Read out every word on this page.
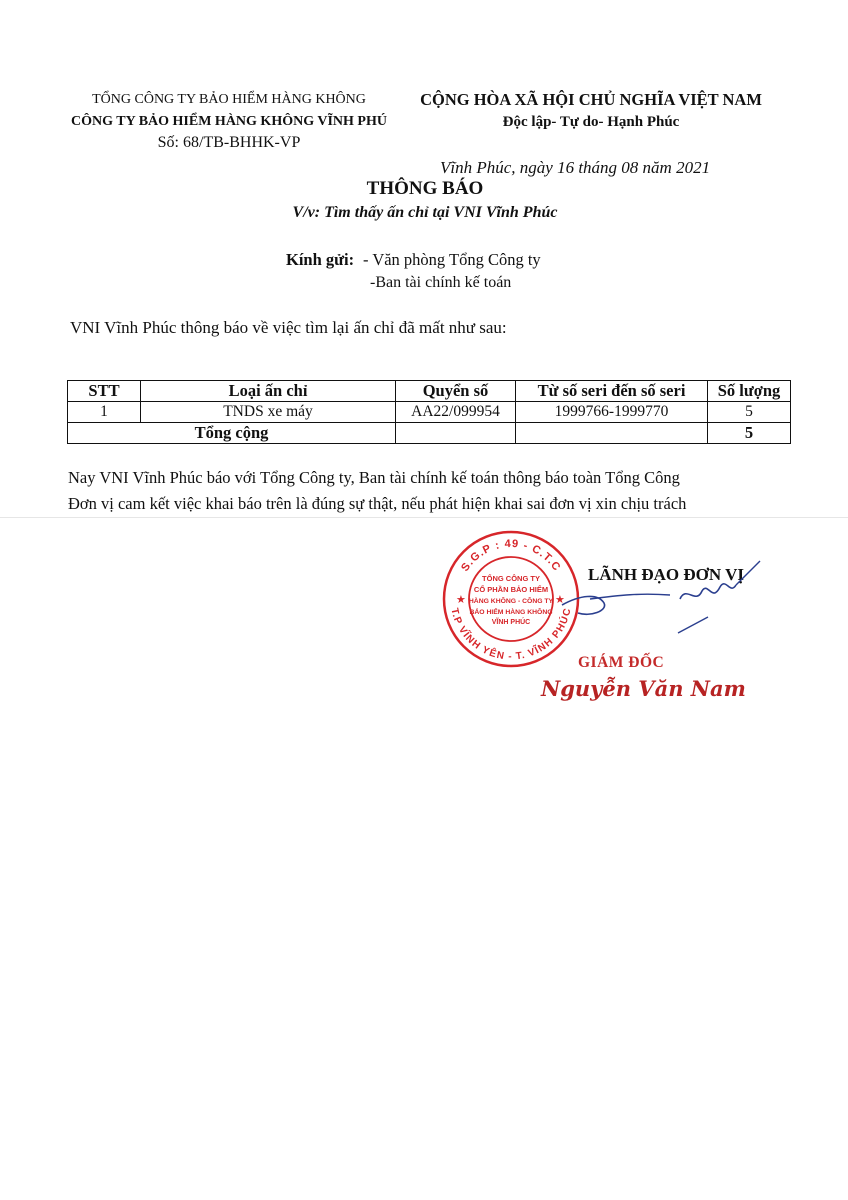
TỔNG CÔNG TY BẢO HIỂM HÀNG KHÔNG
CÔNG TY BẢO HIỂM HÀNG KHÔNG VĨNH PHÚ
Số: 68/TB-BHHK-VP
CỘNG HÒA XÃ HỘI CHỦ NGHĨA VIỆT NAM
Độc lập- Tự do- Hạnh Phúc
Vĩnh Phúc, ngày 16 tháng 08 năm 2021
THÔNG BÁO
V/v: Tìm thấy ấn chỉ tại VNI Vĩnh Phúc
Kính gửi: - Văn phòng Tổng Công ty
-Ban tài chính kế toán
VNI Vĩnh Phúc thông báo về việc tìm lại ấn chỉ đã mất như sau:
STT	Loại ấn chỉ	Quyển số	Từ số seri đến số seri	Số lượng
1	TNDS xe máy	AA22/099954	1999766-1999770	5
Tổng cộng				5
Nay VNI Vĩnh Phúc báo với Tổng Công ty, Ban tài chính kế toán thông báo toàn Tổng Công
Đơn vị cam kết việc khai báo trên là đúng sự thật, nếu phát hiện khai sai đơn vị xin chịu trách
LÃNH ĐẠO ĐƠN VỊ
S.G.P : 49 - C.T.C
T.P VĨNH YÊN - T. VĨNH PHÚC
★	★
TỔNG CÔNG TY
CỔ PHẦN BẢO HIỂM
HÀNG KHÔNG - CÔNG TY
BẢO HIỂM HÀNG KHÔNG
VĨNH PHÚC
GIÁM ĐỐC
Nguyễn Văn Nam
